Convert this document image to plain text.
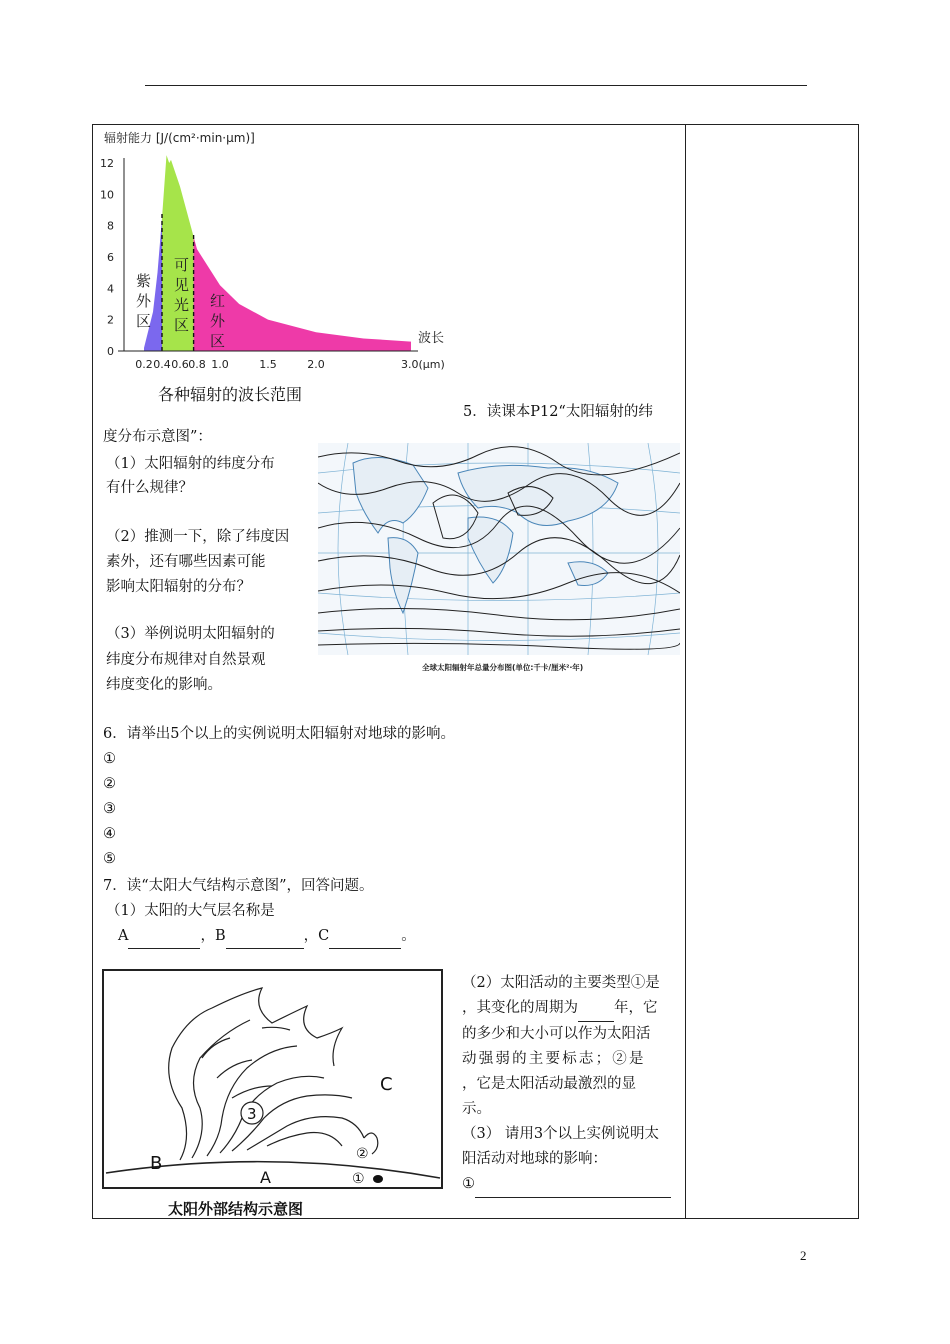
辐射能力 [J/(cm²·min·μm)]
12
10
8
6
4
2
0
0.2 0.4 0.6 0.8 1.0	1.5	2.0	3.0(μm)
波长
紫外区
可见光区
红外区
各种辐射的波长范围
5．读课本P12“太阳辐射的纬
度分布示意图”：
（1）太阳辐射的纬度分布
有什么规律？
（2）推测一下，除了纬度因
素外，还有哪些因素可能
影响太阳辐射的分布？
（3）举例说明太阳辐射的
纬度分布规律对自然景观
纬度变化的影响。
全球太阳辐射年总量分布图(单位:千卡/厘米²·年)
6．请举出5个以上的实例说明太阳辐射对地球的影响。
①
②
③
④
⑤
7．读“太阳大气结构示意图”，回答问题。
（1）太阳的大气层名称是
A	，B	，C	。
B
A
C
3
②
①
太阳外部结构示意图
（2）太阳活动的主要类型①是
，其变化的周期为 年，它
的多少和大小可以作为太阳活
动强弱的主要标志；②是
，它是太阳活动最激烈的显
示。
（3） 请用3个以上实例说明太
阳活动对地球的影响：
①
2
